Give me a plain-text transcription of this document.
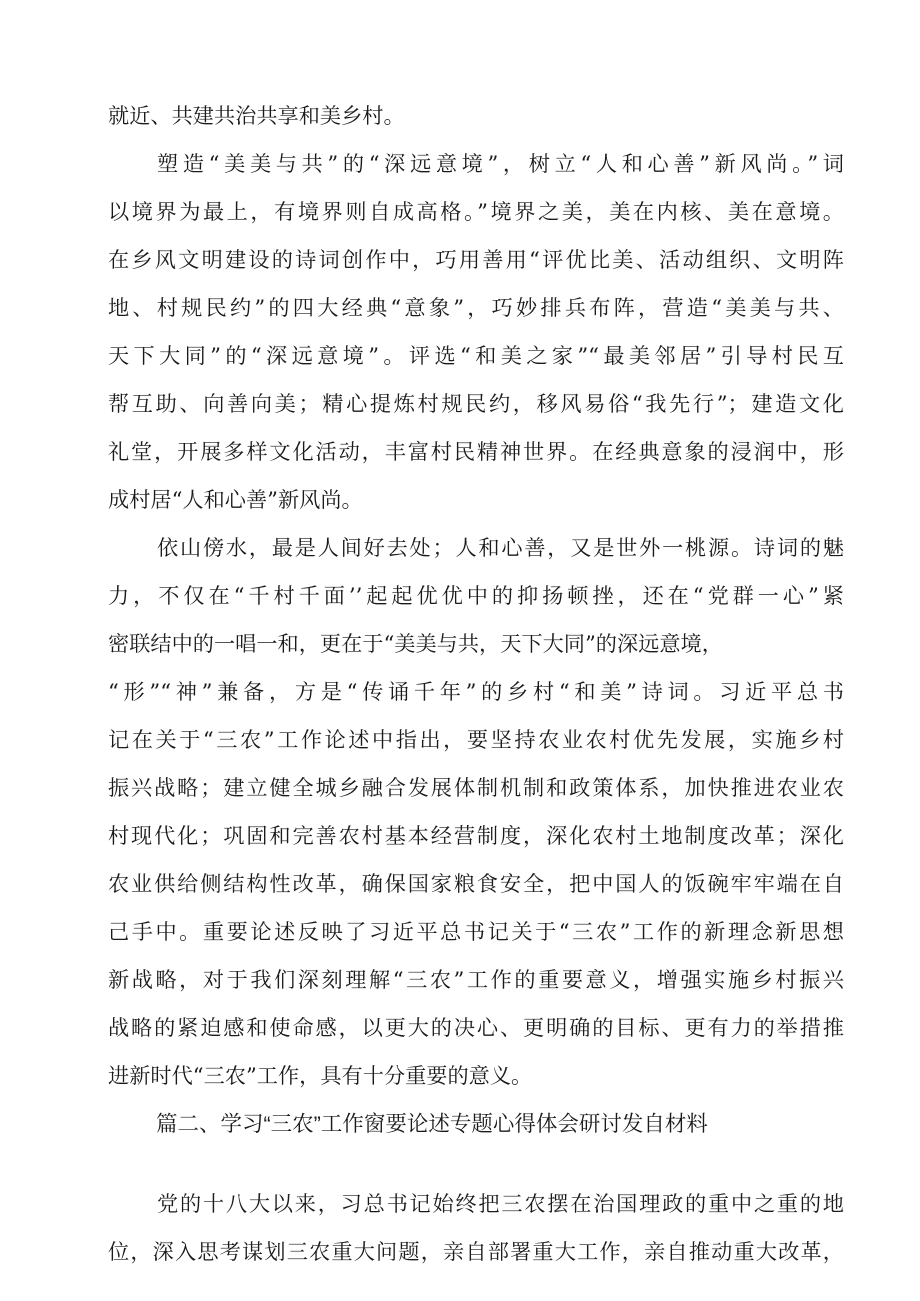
就近、共建共治共享和美乡村。
塑造“美美与共”的“深远意境”，树立“人和心善”新风尚。”词
以境界为最上，有境界则自成高格。”境界之美，美在内核、美在意境。
在乡风文明建设的诗词创作中，巧用善用“评优比美、活动组织、文明阵
地、村规民约”的四大经典“意象”，巧妙排兵布阵，营造“美美与共、
天下大同”的“深远意境”。评选“和美之家”“最美邻居”引导村民互
帮互助、向善向美；精心提炼村规民约，移风易俗“我先行”；建造文化
礼堂，开展多样文化活动，丰富村民精神世界。在经典意象的浸润中，形
成村居“人和心善”新风尚。
依山傍水，最是人间好去处；人和心善，又是世外一桃源。诗词的魅
力，不仅在“千村千面’’起起优优中的抑扬顿挫，还在“党群一心”紧
密联结中的一唱一和，更在于“美美与共，天下大同”的深远意境，
“形”“神”兼备，方是“传诵千年”的乡村“和美”诗词。习近平总书
记在关于“三农”工作论述中指出，要坚持农业农村优先发展，实施乡村
振兴战略；建立健全城乡融合发展体制机制和政策体系，加快推进农业农
村现代化；巩固和完善农村基本经营制度，深化农村土地制度改革；深化
农业供给侧结构性改革，确保国家粮食安全，把中国人的饭碗牢牢端在自
己手中。重要论述反映了习近平总书记关于“三农”工作的新理念新思想
新战略，对于我们深刻理解“三农”工作的重要意义，增强实施乡村振兴
战略的紧迫感和使命感，以更大的决心、更明确的目标、更有力的举措推
进新时代“三农”工作，具有十分重要的意义。
篇二、学习“三农”工作窗要论述专题心得体会研讨发自材料
党的十八大以来，习总书记始终把三农摆在治国理政的重中之重的地
位，深入思考谋划三农重大问题，亲自部署重大工作，亲自推动重大改革，
